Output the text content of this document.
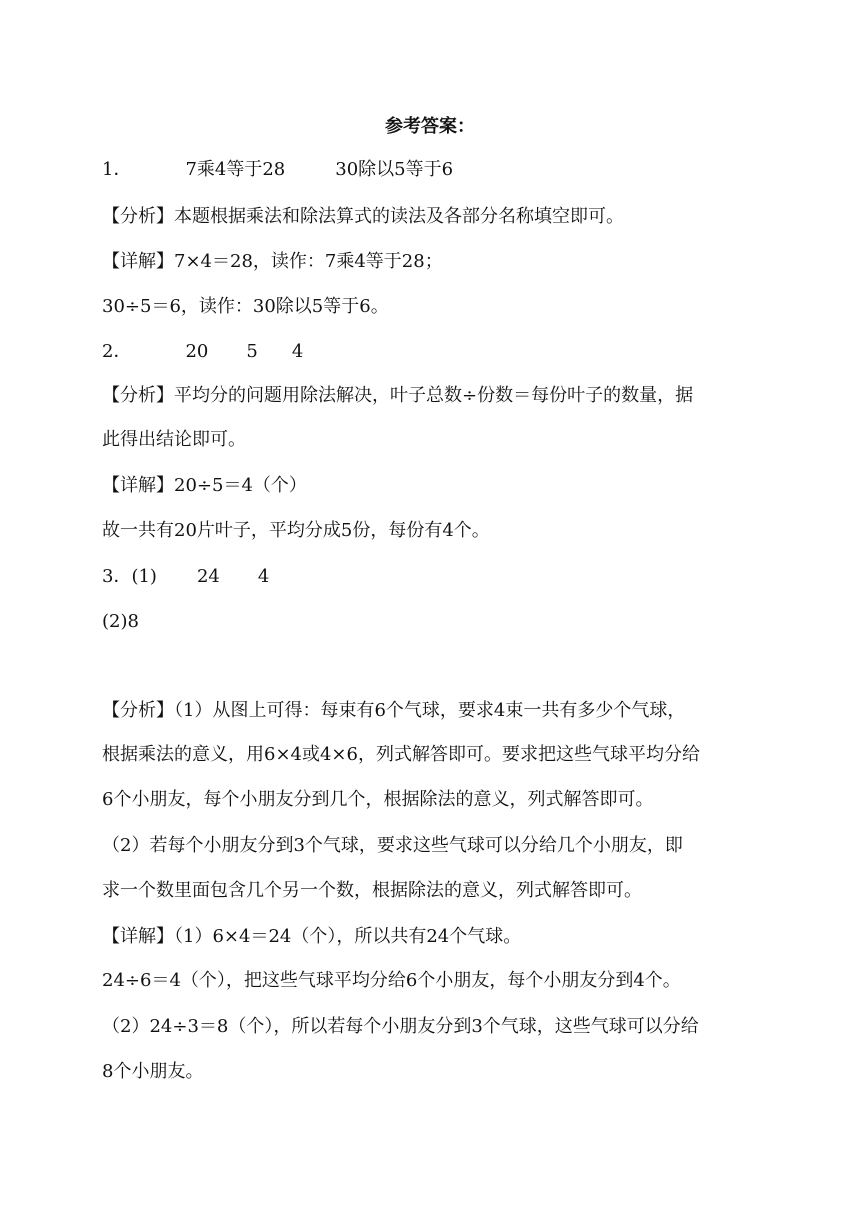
参考答案：
1．	7乘4等于28	30除以5等于6
【分析】本题根据乘法和除法算式的读法及各部分名称填空即可。
【详解】7×4＝28，读作：7乘4等于28；
30÷5＝6，读作：30除以5等于6。
2．	20 5 4
【分析】平均分的问题用除法解决，叶子总数÷份数＝每份叶子的数量，据
此得出结论即可。
【详解】20÷5＝4（个）
故一共有20片叶子，平均分成5份，每份有4个。
3．(1) 24 4
(2)8
【分析】（1）从图上可得：每束有6个气球，要求4束一共有多少个气球，
根据乘法的意义，用6×4或4×6，列式解答即可。要求把这些气球平均分给
6个小朋友，每个小朋友分到几个，根据除法的意义，列式解答即可。
（2）若每个小朋友分到3个气球，要求这些气球可以分给几个小朋友，即
求一个数里面包含几个另一个数，根据除法的意义，列式解答即可。
【详解】（1）6×4＝24（个），所以共有24个气球。
24÷6＝4（个），把这些气球平均分给6个小朋友，每个小朋友分到4个。
（2）24÷3＝8（个），所以若每个小朋友分到3个气球，这些气球可以分给
8个小朋友。
